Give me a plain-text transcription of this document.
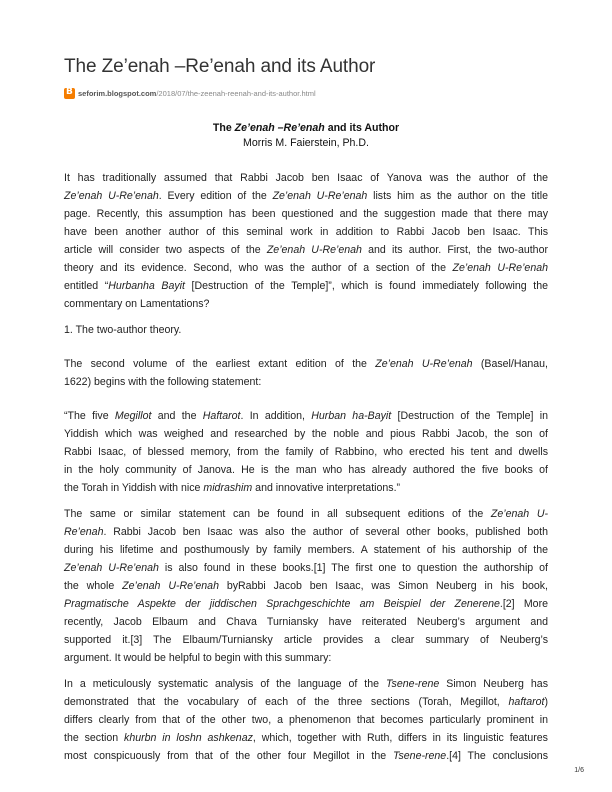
The Ze’enah –Re’enah and its Author
B
seforim.blogspot.com /2018/07/the-zeenah-reenah-and-its-author.html
The Ze’enah –Re’enah and its Author
Morris M. Faierstein, Ph.D.
It has traditionally assumed that Rabbi Jacob ben Isaac of Yanova was the author of the
Ze’enah U-Re’enah. Every edition of the Ze’enah U-Re’enah lists him as the author on the title
page. Recently, this assumption has been questioned and the suggestion made that there may
have been another author of this seminal work in addition to Rabbi Jacob ben Isaac. This
article will consider two aspects of the Ze’enah U-Re’enah and its author. First, the two-author
theory and its evidence. Second, who was the author of a section of the Ze’enah U-Re’enah
entitled “Hurbanha Bayit [Destruction of the Temple]”, which is found immediately following the
commentary on Lamentations?
1. The two-author theory.
The second volume of the earliest extant edition of the Ze’enah U-Re’enah (Basel/Hanau,
1622) begins with the following statement:
“The five Megillot and the Haftarot. In addition, Hurban ha-Bayit [Destruction of the Temple] in
Yiddish which was weighed and researched by the noble and pious Rabbi Jacob, the son of
Rabbi Isaac, of blessed memory, from the family of Rabbino, who erected his tent and dwells
in the holy community of Janova. He is the man who has already authored the five books of
the Torah in Yiddish with nice midrashim and innovative interpretations.”
The same or similar statement can be found in all subsequent editions of the Ze’enah U-
Re’enah. Rabbi Jacob ben Isaac was also the author of several other books, published both
during his lifetime and posthumously by family members. A statement of his authorship of the
Ze’enah U-Re’enah is also found in these books.[1] The first one to question the authorship of
the whole Ze’enah U-Re’enah byRabbi Jacob ben Isaac, was Simon Neuberg in his book,
Pragmatische Aspekte der jiddischen Sprachgeschichte am Beispiel der Zenerene.[2] More
recently, Jacob Elbaum and Chava Turniansky have reiterated Neuberg’s argument and
supported it.[3] The Elbaum/Turniansky article provides a clear summary of Neuberg’s
argument. It would be helpful to begin with this summary:
In a meticulously systematic analysis of the language of the Tsene-rene Simon Neuberg has
demonstrated that the vocabulary of each of the three sections (Torah, Megillot, haftarot)
differs clearly from that of the other two, a phenomenon that becomes particularly prominent in
the section khurbn in loshn ashkenaz, which, together with Ruth, differs in its linguistic features
most conspicuously from that of the other four Megillot in the Tsene-rene.[4] The conclusions
1/6
